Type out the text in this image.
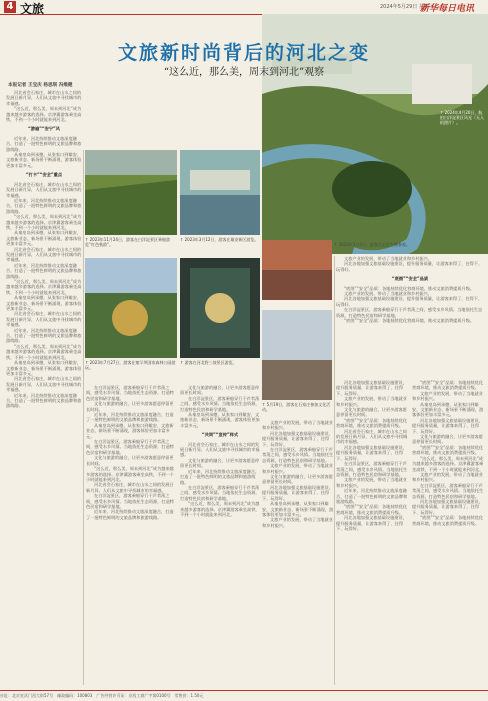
4 文旅	2024年5月29日 星期三
新华每日电讯
文旅新时尚背后的河北之变
“这么近，那么美，周末到河北”观察
本报记者 王宝庆 杨思琪 冯维健
↑ 2023年11月24日，游客在白洋淀景区乘船游览“红色秋韵”。
↑ 2023年3月12日，游客在雄安新区游览。
↑ 2024年5月3日，游客在正定古城参观。
↑ 2023年7月27日，游客在塞罕坝国家森林公园游玩。
↑ 游客在河北野三坡景区游览。
↑ 5月19日，游客在石家庄参加文化活动。
↑ 2024年4月20日，航拍白洋淀景区风光（无人机照片）。

河北省会石家庄，城市在山水之间的发展日新月异，人们从文旅中寻找城市的幸福感。

“这么近，那么美，周末到河北”成为越来越多游客的选择。京津冀游客乘坐高铁，不到一个小时就能来到河北。

“游遍”“安宁”风

近年来，河北持续推动文旅深度融合，打造了一批特色鲜明的文旅品牌和旅游线路。

从秦皇岛到承德，从张家口到雄安，文旅新业态、新场景不断涌现，游客体验更加丰富多元。

“打卡”“安全”重点

河北省会石家庄，城市在山水之间的发展日新月异，人们从文旅中寻找城市的幸福感。

近年来，河北持续推动文旅深度融合，打造了一批特色鲜明的文旅品牌和旅游线路。

“这么近，那么美，周末到河北”成为越来越多游客的选择。京津冀游客乘坐高铁，不到一个小时就能来到河北。

从秦皇岛到承德，从张家口到雄安，文旅新业态、新场景不断涌现，游客体验更加丰富多元。

河北省会石家庄，城市在山水之间的发展日新月异，人们从文旅中寻找城市的幸福感。

近年来，河北持续推动文旅深度融合，打造了一批特色鲜明的文旅品牌和旅游线路。

“这么近，那么美，周末到河北”成为越来越多游客的选择。京津冀游客乘坐高铁，不到一个小时就能来到河北。

从秦皇岛到承德，从张家口到雄安，文旅新业态、新场景不断涌现，游客体验更加丰富多元。

河北省会石家庄，城市在山水之间的发展日新月异，人们从文旅中寻找城市的幸福感。

近年来，河北持续推动文旅深度融合，打造了一批特色鲜明的文旅品牌和旅游线路。

“这么近，那么美，周末到河北”成为越来越多游客的选择。京津冀游客乘坐高铁，不到一个小时就能来到河北。

从秦皇岛到承德，从张家口到雄安，文旅新业态、新场景不断涌现，游客体验更加丰富多元。

河北省会石家庄，城市在山水之间的发展日新月异，人们从文旅中寻找城市的幸福感。

近年来，河北持续推动文旅深度融合，打造了一批特色鲜明的文旅品牌和旅游线路。

在白洋淀景区，游客乘船穿行于芦苇荡之间，感受水乡风情。当地依托生态资源，打造特色民宿和研学基地。

文化与旅游的融合，让更多游客愿意停留更长时间。

近年来，河北持续推动文旅深度融合，打造了一批特色鲜明的文旅品牌和旅游线路。

从秦皇岛到承德，从张家口到雄安，文旅新业态、新场景不断涌现，游客体验更加丰富多元。

在白洋淀景区，游客乘船穿行于芦苇荡之间，感受水乡风情。当地依托生态资源，打造特色民宿和研学基地。

文化与旅游的融合，让更多游客愿意停留更长时间。

“这么近，那么美，周末到河北”成为越来越多游客的选择。京津冀游客乘坐高铁，不到一个小时就能来到河北。

河北省会石家庄，城市在山水之间的发展日新月异，人们从文旅中寻找城市的幸福感。

在白洋淀景区，游客乘船穿行于芦苇荡之间，感受水乡风情。当地依托生态资源，打造特色民宿和研学基地。

近年来，河北持续推动文旅深度融合，打造了一批特色鲜明的文旅品牌和旅游线路。

文化与旅游的融合，让更多游客愿意停留更长时间。

在白洋淀景区，游客乘船穿行于芦苇荡之间，感受水乡风情。当地依托生态资源，打造特色民宿和研学基地。

从秦皇岛到承德，从张家口到雄安，文旅新业态、新场景不断涌现，游客体验更加丰富多元。

“共同”“宣传”样式

河北省会石家庄，城市在山水之间的发展日新月异，人们从文旅中寻找城市的幸福感。

文化与旅游的融合，让更多游客愿意停留更长时间。

近年来，河北持续推动文旅深度融合，打造了一批特色鲜明的文旅品牌和旅游线路。

在白洋淀景区，游客乘船穿行于芦苇荡之间，感受水乡风情。当地依托生态资源，打造特色民宿和研学基地。

“这么近，那么美，周末到河北”成为越来越多游客的选择。京津冀游客乘坐高铁，不到一个小时就能来到河北。

文旅产业的发展，带动了当地就业和乡村振兴。

河北各地加强文旅基础设施建设，提升服务质量，让游客来得了、住得下、玩得好。

在白洋淀景区，游客乘船穿行于芦苇荡之间，感受水乡风情。当地依托生态资源，打造特色民宿和研学基地。

文旅产业的发展，带动了当地就业和乡村振兴。

文化与旅游的融合，让更多游客愿意停留更长时间。

河北各地加强文旅基础设施建设，提升服务质量，让游客来得了、住得下、玩得好。

从秦皇岛到承德，从张家口到雄安，文旅新业态、新场景不断涌现，游客体验更加丰富多元。

文旅产业的发展，带动了当地就业和乡村振兴。

文旅产业的发展，带动了当地就业和乡村振兴。

河北各地加强文旅基础设施建设，提升服务质量，让游客来得了、住得下、玩得好。

“底图”“安全”品质

“底图”“安全”品质：各地持续优化营商环境，推动文旅消费提质升级。

文旅产业的发展，带动了当地就业和乡村振兴。

河北各地加强文旅基础设施建设，提升服务质量，让游客来得了、住得下、玩得好。

在白洋淀景区，游客乘船穿行于芦苇荡之间，感受水乡风情。当地依托生态资源，打造特色民宿和研学基地。

“底图”“安全”品质：各地持续优化营商环境，推动文旅消费提质升级。

河北各地加强文旅基础设施建设，提升服务质量，让游客来得了、住得下、玩得好。

文旅产业的发展，带动了当地就业和乡村振兴。

文化与旅游的融合，让更多游客愿意停留更长时间。

“底图”“安全”品质：各地持续优化营商环境，推动文旅消费提质升级。

河北省会石家庄，城市在山水之间的发展日新月异，人们从文旅中寻找城市的幸福感。

河北各地加强文旅基础设施建设，提升服务质量，让游客来得了、住得下、玩得好。

在白洋淀景区，游客乘船穿行于芦苇荡之间，感受水乡风情。当地依托生态资源，打造特色民宿和研学基地。

文旅产业的发展，带动了当地就业和乡村振兴。

近年来，河北持续推动文旅深度融合，打造了一批特色鲜明的文旅品牌和旅游线路。

“底图”“安全”品质：各地持续优化营商环境，推动文旅消费提质升级。

河北各地加强文旅基础设施建设，提升服务质量，让游客来得了、住得下、玩得好。

“底图”“安全”品质：各地持续优化营商环境，推动文旅消费提质升级。

文旅产业的发展，带动了当地就业和乡村振兴。

从秦皇岛到承德，从张家口到雄安，文旅新业态、新场景不断涌现，游客体验更加丰富多元。

河北各地加强文旅基础设施建设，提升服务质量，让游客来得了、住得下、玩得好。

文化与旅游的融合，让更多游客愿意停留更长时间。

“底图”“安全”品质：各地持续优化营商环境，推动文旅消费提质升级。

“这么近，那么美，周末到河北”成为越来越多游客的选择。京津冀游客乘坐高铁，不到一个小时就能来到河北。

文旅产业的发展，带动了当地就业和乡村振兴。

在白洋淀景区，游客乘船穿行于芦苇荡之间，感受水乡风情。当地依托生态资源，打造特色民宿和研学基地。

河北各地加强文旅基础设施建设，提升服务质量，让游客来得了、住得下、玩得好。

“底图”“安全”品质：各地持续优化营商环境，推动文旅消费提质升级。

社址：北京宣武门西大街57号　邮政编码：100803　广告经营许可证：京西工商广字第0100号　零售价：1.50元
